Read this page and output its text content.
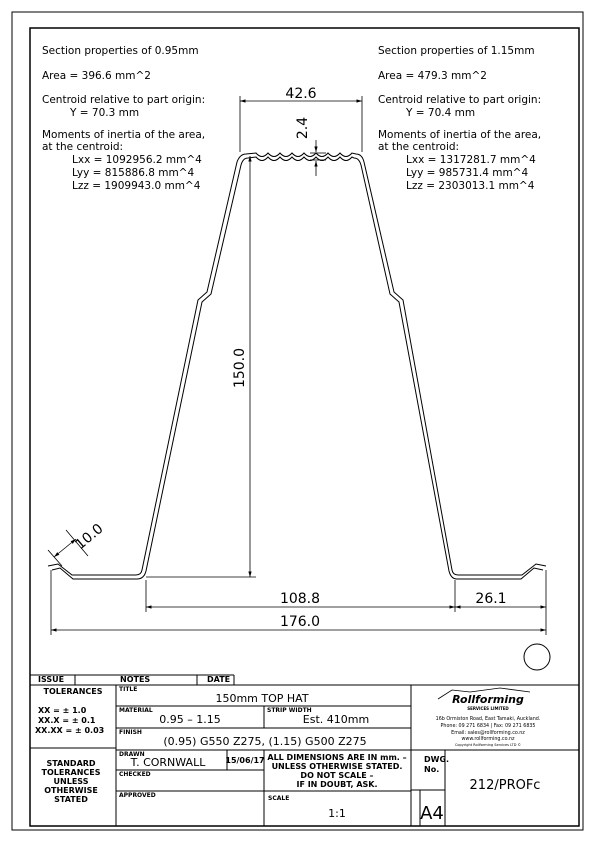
Section properties of 0.95mm
Area = 396.6 mm^2
Centroid relative to part origin:
Y = 70.3 mm
Moments of inertia of the area,
at the centroid:
Lxx = 1092956.2 mm^4
Lyy = 815886.8 mm^4
Lzz = 1909943.0 mm^4
Section properties of 1.15mm
Area = 479.3 mm^2
Centroid relative to part origin:
Y = 70.4 mm
Moments of inertia of the area,
at the centroid:
Lxx = 1317281.7 mm^4
Lyy = 985731.4 mm^4
Lzz = 2303013.1 mm^4
42.6
2.4
150.0
10.0
108.8	26.1
176.0
ISSUE	NOTES	DATE
TOLERANCES
XX = ± 1.0
XX.X = ± 0.1
XX.XX = ± 0.03
STANDARD
TOLERANCES
UNLESS
OTHERWISE
STATED
TITLE
150mm TOP HAT
MATERIAL
0.95 – 1.15
STRIP WIDTH
Est. 410mm
FINISH
(0.95) G550 Z275, (1.15) G500 Z275
DRAWN
T. CORNWALL	15/06/17
CHECKED
APPROVED
ALL DIMENSIONS ARE IN mm. –
UNLESS OTHERWISE STATED.
DO NOT SCALE –
IF IN DOUBT, ASK.
SCALE
1:1	A4
DWG.
No.
212/PROFc
Rollforming
SERVICES LIMITED
16b Ormiston Road, East Tamaki, Auckland.
Phone: 09 271 6834 | Fax: 09 271 6835
Email: sales@rollforming.co.nz
www.rollforming.co.nz
Copyright Rollforming Services LTD ©
